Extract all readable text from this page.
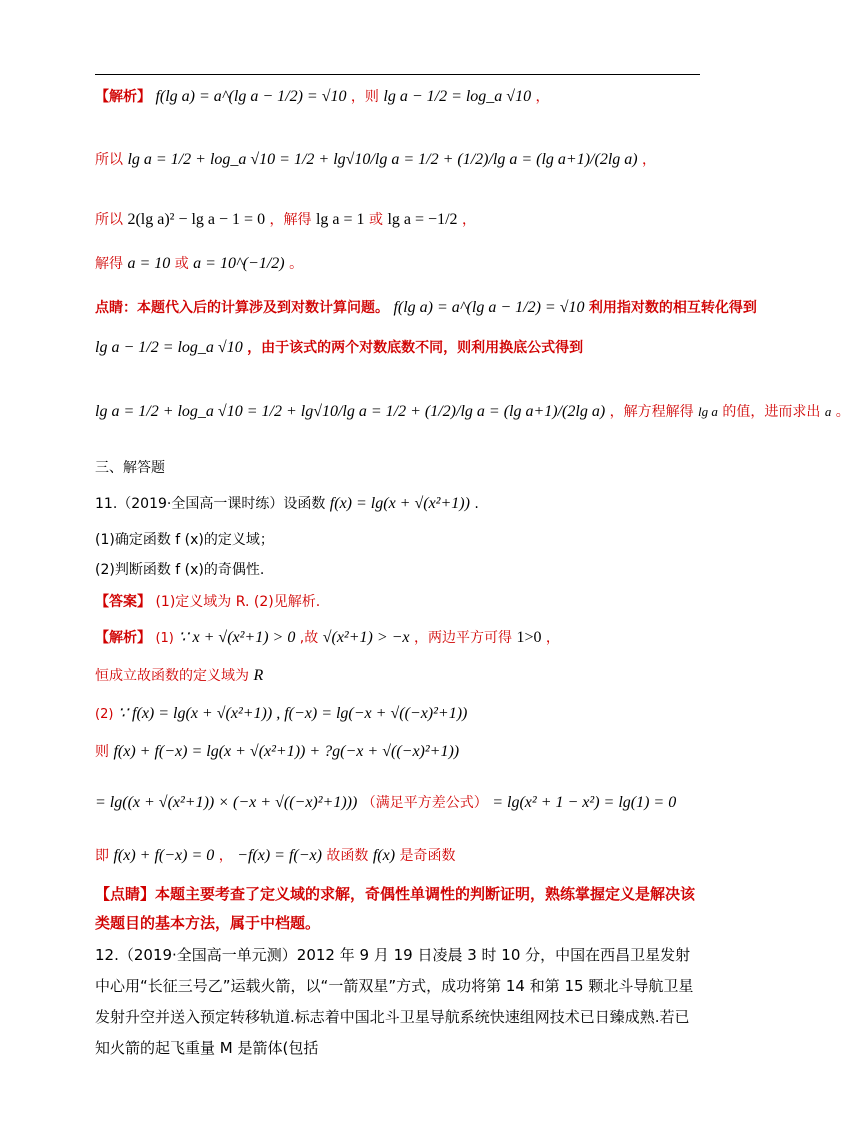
【解析】 f(lg a) = a^(lg a − 1/2) = √10 ，则 lg a − 1/2 = log_a √10 ，
所以 lg a = 1/2 + log_a √10 = 1/2 + lg√10/lg a = 1/2 + (1/2)/lg a = (lg a+1)/(2lg a) ，
所以 2(lg a)² − lg a − 1 = 0 ，解得 lg a = 1 或 lg a = −1/2 ，
解得 a = 10 或 a = 10^(−1/2) 。
点睛：本题代入后的计算涉及到对数计算问题。 f(lg a) = a^(lg a − 1/2) = √10 利用指对数的相互转化得到
lg a − 1/2 = log_a √10 ，由于该式的两个对数底数不同，则利用换底公式得到
lg a = 1/2 + log_a √10 = 1/2 + lg√10/lg a = 1/2 + (1/2)/lg a = (lg a+1)/(2lg a) ，解方程解得 lg a 的值，进而求出 a 。
三、解答题
11.（2019·全国高一课时练）设函数 f(x) = lg(x + √(x²+1)) .
(1)确定函数 f (x)的定义域；
(2)判断函数 f (x)的奇偶性.
【答案】 (1)定义域为 R. (2)见解析.
【解析】 (1) ∵ x + √(x²+1) > 0 ,故 √(x²+1) > −x ，两边平方可得 1>0 ，
恒成立故函数的定义域为 R
(2) ∵ f(x) = lg(x + √(x²+1)) , f(−x) = lg(−x + √((−x)²+1))
则 f(x) + f(−x) = lg(x + √(x²+1)) + ?g(−x + √((−x)²+1))
= lg((x + √(x²+1)) × (−x + √((−x)²+1))) （满足平方差公式） = lg(x² + 1 − x²) = lg(1) = 0
即 f(x) + f(−x) = 0 ， −f(x) = f(−x) 故函数 f(x) 是奇函数
【点睛】本题主要考查了定义域的求解，奇偶性单调性的判断证明，熟练掌握定义是解决该类题目的基本方法，属于中档题。
12.（2019·全国高一单元测）2012 年 9 月 19 日凌晨 3 时 10 分，中国在西昌卫星发射中心用“长征三号乙”运载火箭，以“一箭双星”方式，成功将第 14 和第 15 颗北斗导航卫星发射升空并送入预定转移轨道.标志着中国北斗卫星导航系统快速组网技术已日臻成熟.若已知火箭的起飞重量 M 是箭体(包括
